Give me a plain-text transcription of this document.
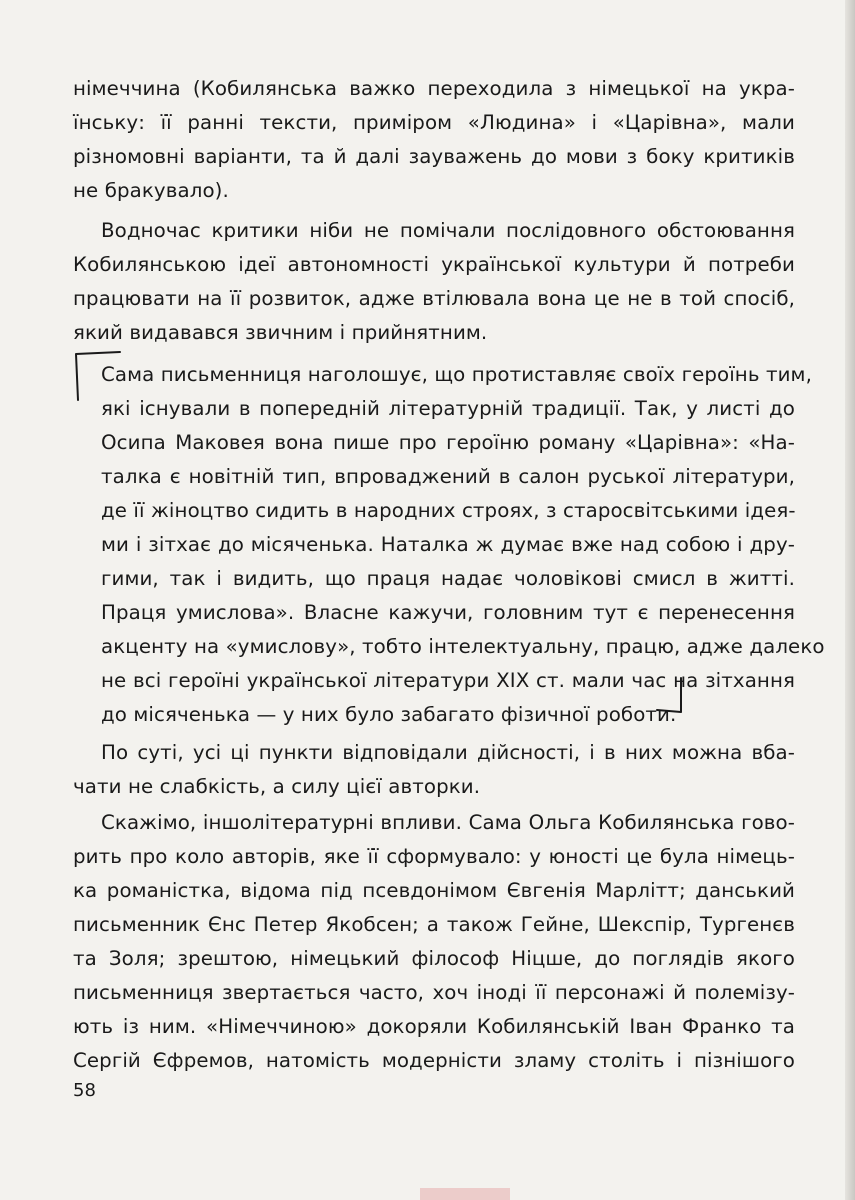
німеччина (Кобилянська важко переходила з німецької на укра-
їнську: її ранні тексти, приміром «Людина» і «Царівна», мали
різномовні варіанти, та й далі зауважень до мови з боку критиків
не бракувало).
Водночас критики ніби не помічали послідовного обстоювання
Кобилянською ідеї автономності української культури й потреби
працювати на її розвиток, адже втілювала вона це не в той спосіб,
який видавався звичним і прийнятним.
Сама письменниця наголошує, що протиставляє своїх героїнь тим,
які існували в попередній літературній традиції. Так, у листі до
Осипа Маковея вона пише про героїню роману «Царівна»: «На-
талка є новітній тип, впроваджений в салон руської літератури,
де її жіноцтво сидить в народних строях, з старосвітськими ідея-
ми і зітхає до місяченька. Наталка ж думає вже над собою і дру-
гими, так і видить, що праця надає чоловікові смисл в житті.
Праця умислова». Власне кажучи, головним тут є перенесення
акценту на «умислову», тобто інтелектуальну, працю, адже далеко
не всі героїні української літератури XIX ст. мали час на зітхання
до місяченька — у них було забагато фізичної роботи.
По суті, усі ці пункти відповідали дійсності, і в них можна вба-
чати не слабкість, а силу цієї авторки.
Скажімо, іншолітературні впливи. Сама Ольга Кобилянська гово-
рить про коло авторів, яке її сформувало: у юності це була німець-
ка романістка, відома під псевдонімом Євгенія Марлітт; данський
письменник Єнс Петер Якобсен; а також Гейне, Шекспір, Тургенєв
та Золя; зрештою, німецький філософ Ніцше, до поглядів якого
письменниця звертається часто, хоч іноді її персонажі й полемізу-
ють із ним. «Німеччиною» докоряли Кобилянській Іван Франко та
Сергій Єфремов, натомість модерністи зламу століть і пізнішого
58
